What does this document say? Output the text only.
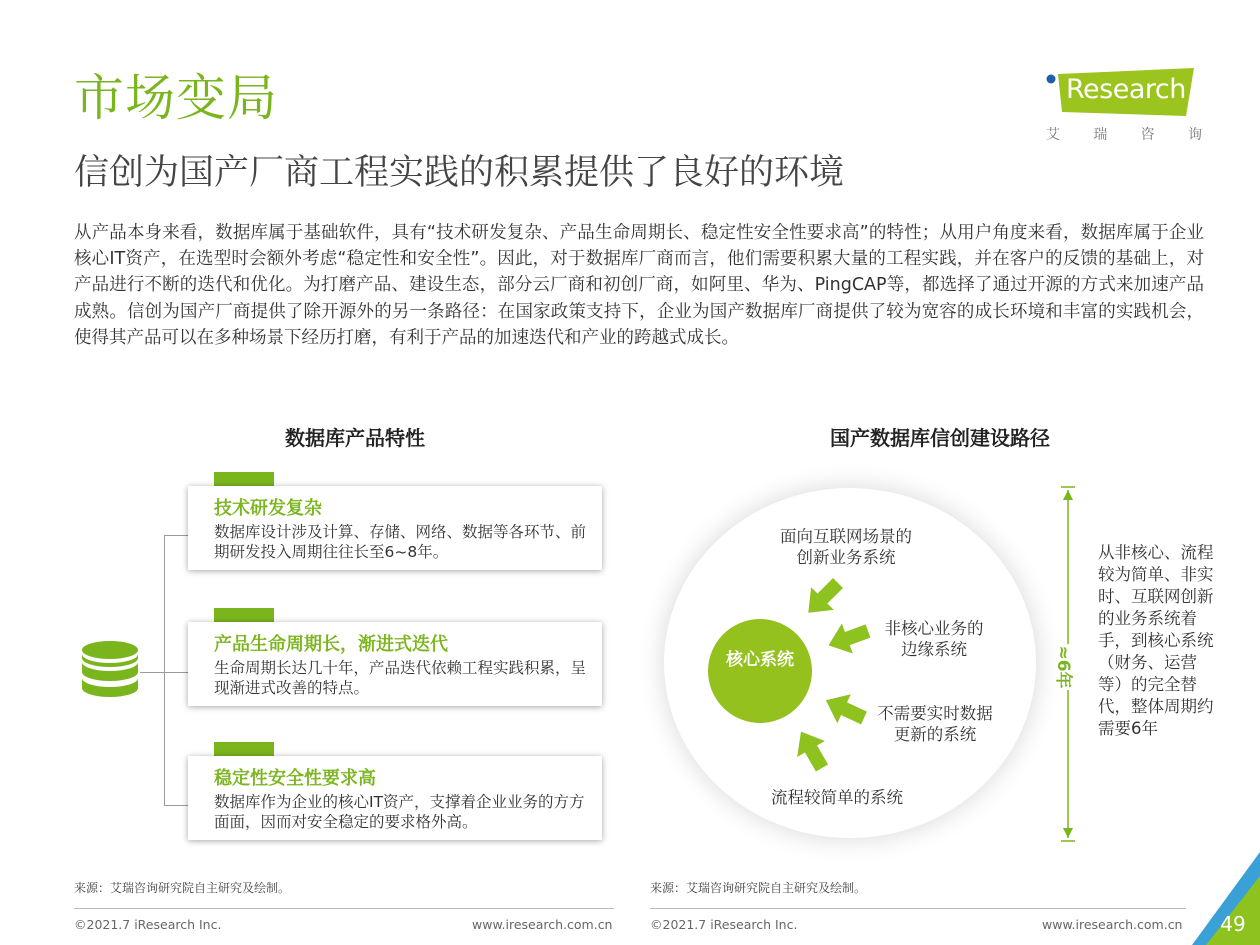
市场变局
信创为国产厂商工程实践的积累提供了良好的环境
Research
艾 瑞 咨 询

从产品本身来看，数据库属于基础软件，具有“技术研发复杂、产品生命周期长、稳定性安全性要求高”的特性；从用户角度来看，数据库属于企业核心IT资产，在选型时会额外考虑“稳定性和安全性”。因此，对于数据库厂商而言，他们需要积累大量的工程实践，并在客户的反馈的基础上，对产品进行不断的迭代和优化。为打磨产品、建设生态，部分云厂商和初创厂商，如阿里、华为、PingCAP等，都选择了通过开源的方式来加速产品成熟。信创为国产厂商提供了除开源外的另一条路径：在国家政策支持下，企业为国产数据库厂商提供了较为宽容的成长环境和丰富的实践机会，使得其产品可以在多种场景下经历打磨，有利于产品的加速迭代和产业的跨越式成长。

数据库产品特性	国产数据库信创建设路径
技术研发复杂
数据库设计涉及计算、存储、网络、数据等各环节、前期研发投入周期往往长至6~8年。
产品生命周期长，渐进式迭代
生命周期长达几十年，产品迭代依赖工程实践积累，呈现渐进式改善的特点。
稳定性安全性要求高
数据库作为企业的核心IT资产，支撑着企业业务的方方面面，因而对安全稳定的要求格外高。
核心系统
面向互联网场景的创新业务系统
非核心业务的边缘系统
不需要实时数据更新的系统
流程较简单的系统
≈6年
从非核心、流程较为简单、非实时、互联网创新的业务系统着手，到核心系统（财务、运营等）的完全替代，整体周期约需要6年
来源：艾瑞咨询研究院自主研究及绘制。	来源：艾瑞咨询研究院自主研究及绘制。
©2021.7 iResearch Inc.	www.iresearch.com.cn	©2021.7 iResearch Inc.	www.iresearch.com.cn	49
